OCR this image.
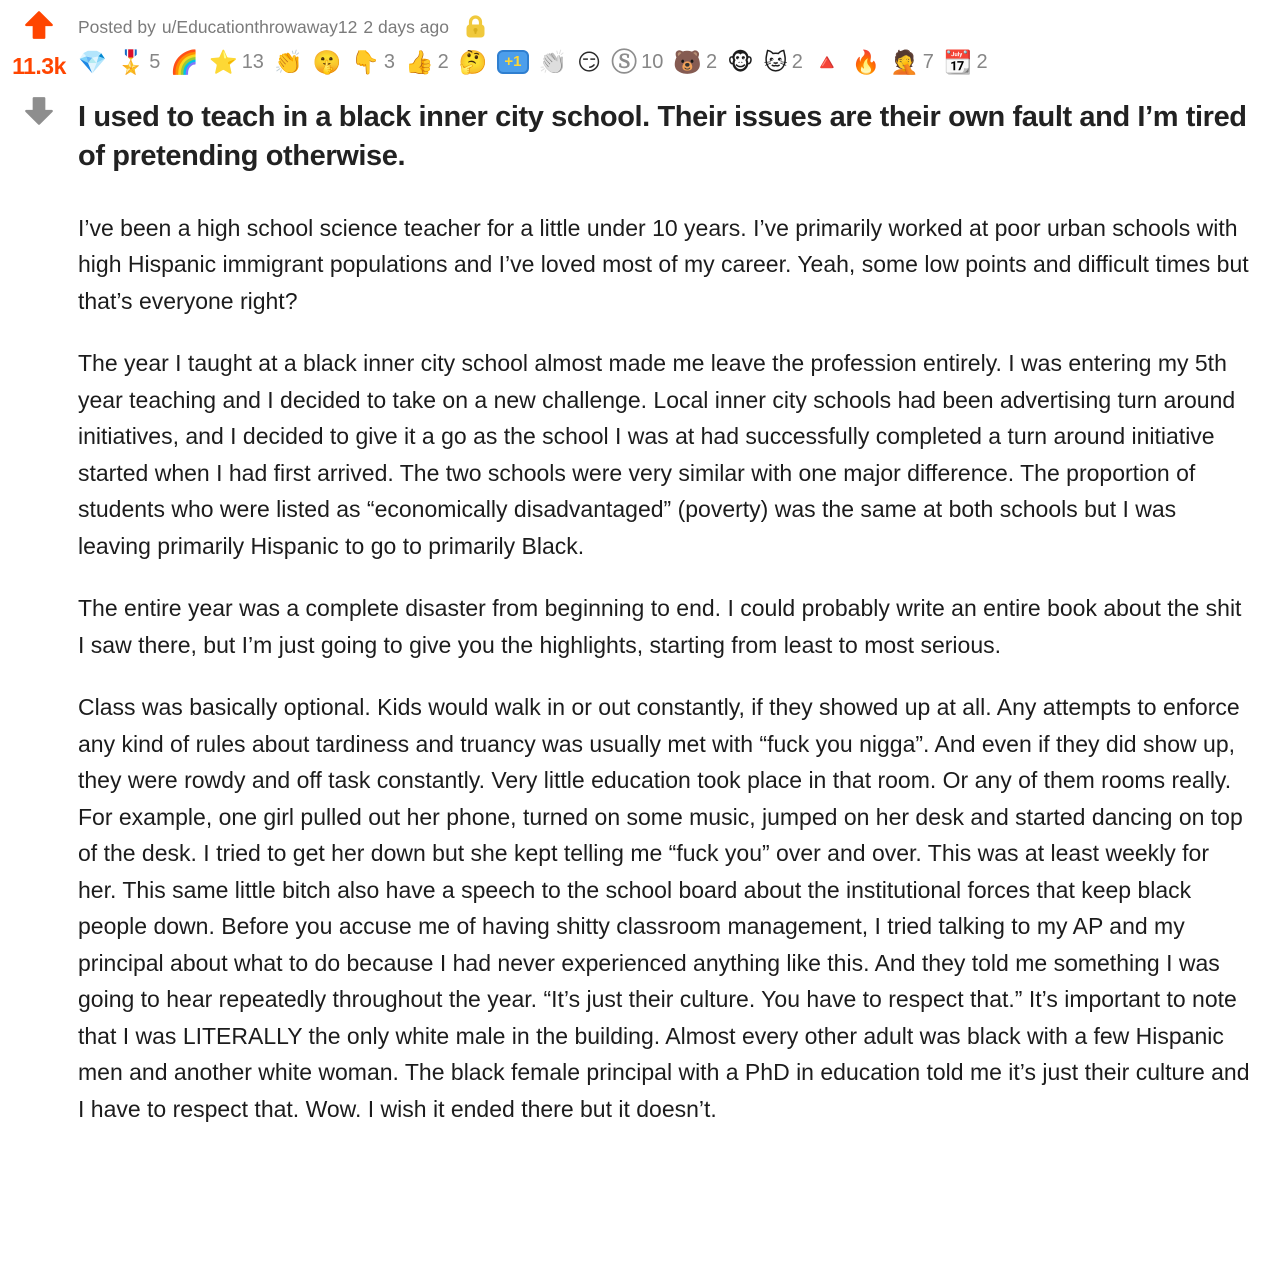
11.3k
Posted by u/Educationthrowaway12 2 days ago
💎 🎖️ 5 🌈 ⭐ 13 👏 🤫 👇 3 👍 2 🤔	+1 👏 😏 Ⓢ 10 🐻 2 🐵 🐱 2 🔺 🔥 🤦 7 📆 2
I used to teach in a black inner city school. Their issues are their own fault and I’m tired of pretending otherwise.

I’ve been a high school science teacher for a little under 10 years. I’ve primarily worked at poor urban schools with high Hispanic immigrant populations and I’ve loved most of my career. Yeah, some low points and difficult times but that’s everyone right?

The year I taught at a black inner city school almost made me leave the profession entirely. I was entering my 5th year teaching and I decided to take on a new challenge. Local inner city schools had been advertising turn around initiatives, and I decided to give it a go as the school I was at had successfully completed a turn around initiative started when I had first arrived. The two schools were very similar with one major difference. The proportion of students who were listed as “economically disadvantaged” (poverty) was the same at both schools but I was leaving primarily Hispanic to go to primarily Black.

The entire year was a complete disaster from beginning to end. I could probably write an entire book about the shit I saw there, but I’m just going to give you the highlights, starting from least to most serious.

Class was basically optional. Kids would walk in or out constantly, if they showed up at all. Any attempts to enforce any kind of rules about tardiness and truancy was usually met with “fuck you nigga”. And even if they did show up, they were rowdy and off task constantly. Very little education took place in that room. Or any of them rooms really. For example, one girl pulled out her phone, turned on some music, jumped on her desk and started dancing on top of the desk. I tried to get her down but she kept telling me “fuck you” over and over. This was at least weekly for her. This same little bitch also have a speech to the school board about the institutional forces that keep black people down. Before you accuse me of having shitty classroom management, I tried talking to my AP and my principal about what to do because I had never experienced anything like this. And they told me something I was going to hear repeatedly throughout the year. “It’s just their culture. You have to respect that.” It’s important to note that I was LITERALLY the only white male in the building. Almost every other adult was black with a few Hispanic men and another white woman. The black female principal with a PhD in education told me it’s just their culture and I have to respect that. Wow. I wish it ended there but it doesn’t.
